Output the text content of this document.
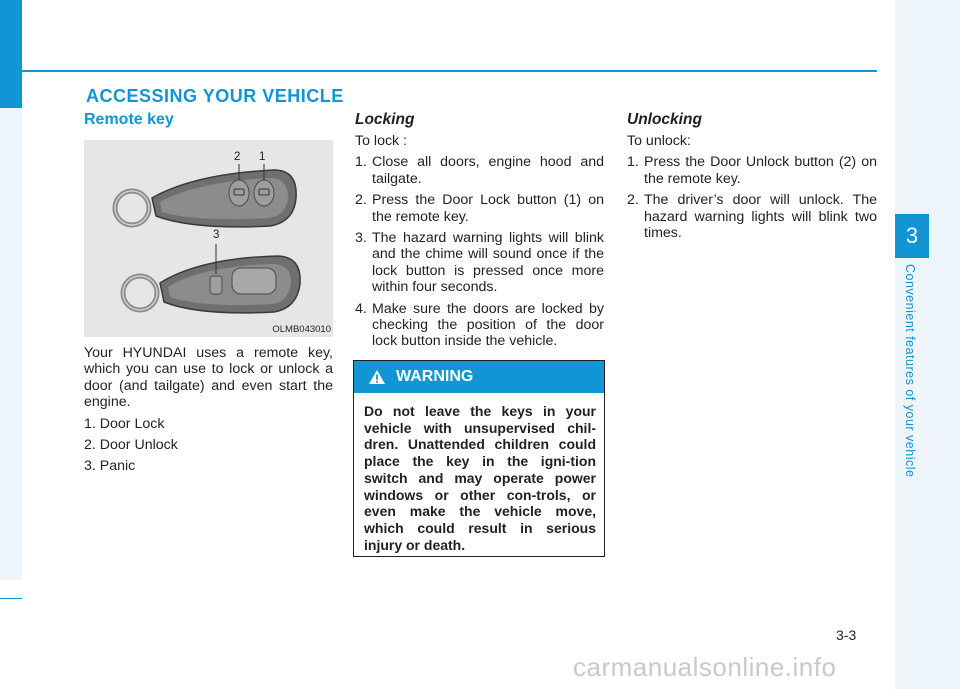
3
Convenient features of your vehicle
ACCESSING YOUR VEHICLE
Remote key
2 1
3
OLMB043010

Your HYUNDAI uses a remote key, which you can use to lock or unlock a door (and tailgate) and even start the engine.

1. Door Lock
2. Door Unlock
3. Panic
Locking

To lock :

1. Close all doors, engine hood and tailgate.
2. Press the Door Lock button (1) on the remote key.
3. The hazard warning lights will blink and the chime will sound once if the lock button is pressed once more within four seconds.
4. Make sure the doors are locked by checking the position of the door lock button inside the vehicle.
WARNING
Do not leave the keys in your vehicle with unsupervised chil-dren. Unattended children could place the key in the igni-tion switch and may operate power windows or other con-trols, or even make the vehicle move, which could result in serious injury or death.
Unlocking

To unlock:

1. Press the Door Unlock button (2) on the remote key.
2. The driver’s door will unlock. The hazard warning lights will blink two times.
3-3
carmanualsonline.info
